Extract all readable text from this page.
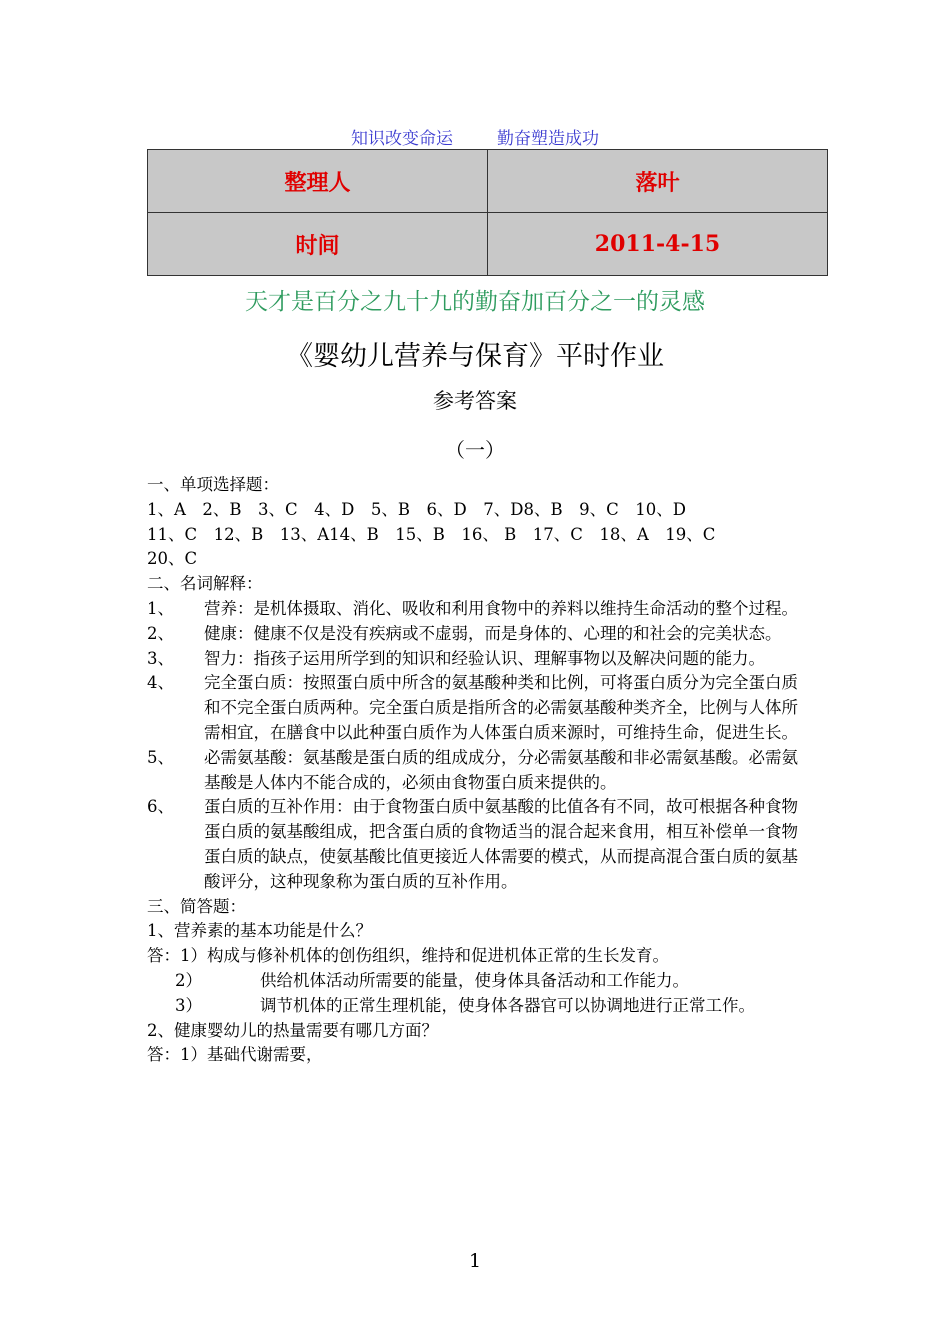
知识改变命运	勤奋塑造成功
整理人	落叶
时间	2011-4-15
天才是百分之九十九的勤奋加百分之一的灵感
《婴幼儿营养与保育》平时作业
参考答案
（一）
一、单项选择题：
1、A　2、B　3、C　4、D　5、B　6、D　7、D8、B　9、C　10、D
11、C　12、B　13、A14、B　15、B　16、 B　17、C　18、A　19、C
20、C
二、名词解释：
1、	营养：是机体摄取、消化、吸收和利用食物中的养料以维持生命活动的整个过程。
2、	健康：健康不仅是没有疾病或不虚弱，而是身体的、心理的和社会的完美状态。
3、	智力：指孩子运用所学到的知识和经验认识、理解事物以及解决问题的能力。
4、	完全蛋白质：按照蛋白质中所含的氨基酸种类和比例，可将蛋白质分为完全蛋白质和不完全蛋白质两种。完全蛋白质是指所含的必需氨基酸种类齐全，比例与人体所需相宜，在膳食中以此种蛋白质作为人体蛋白质来源时，可维持生命，促进生长。
5、	必需氨基酸：氨基酸是蛋白质的组成成分，分必需氨基酸和非必需氨基酸。必需氨基酸是人体内不能合成的，必须由食物蛋白质来提供的。
6、	蛋白质的互补作用：由于食物蛋白质中氨基酸的比值各有不同，故可根据各种食物蛋白质的氨基酸组成，把含蛋白质的食物适当的混合起来食用，相互补偿单一食物蛋白质的缺点，使氨基酸比值更接近人体需要的模式，从而提高混合蛋白质的氨基酸评分，这种现象称为蛋白质的互补作用。
三、简答题：
1、营养素的基本功能是什么？
答：1）构成与修补机体的创伤组织，维持和促进机体正常的生长发育。
2）	供给机体活动所需要的能量，使身体具备活动和工作能力。
3）	调节机体的正常生理机能，使身体各器官可以协调地进行正常工作。
2、健康婴幼儿的热量需要有哪几方面？
答：1）基础代谢需要，
1
